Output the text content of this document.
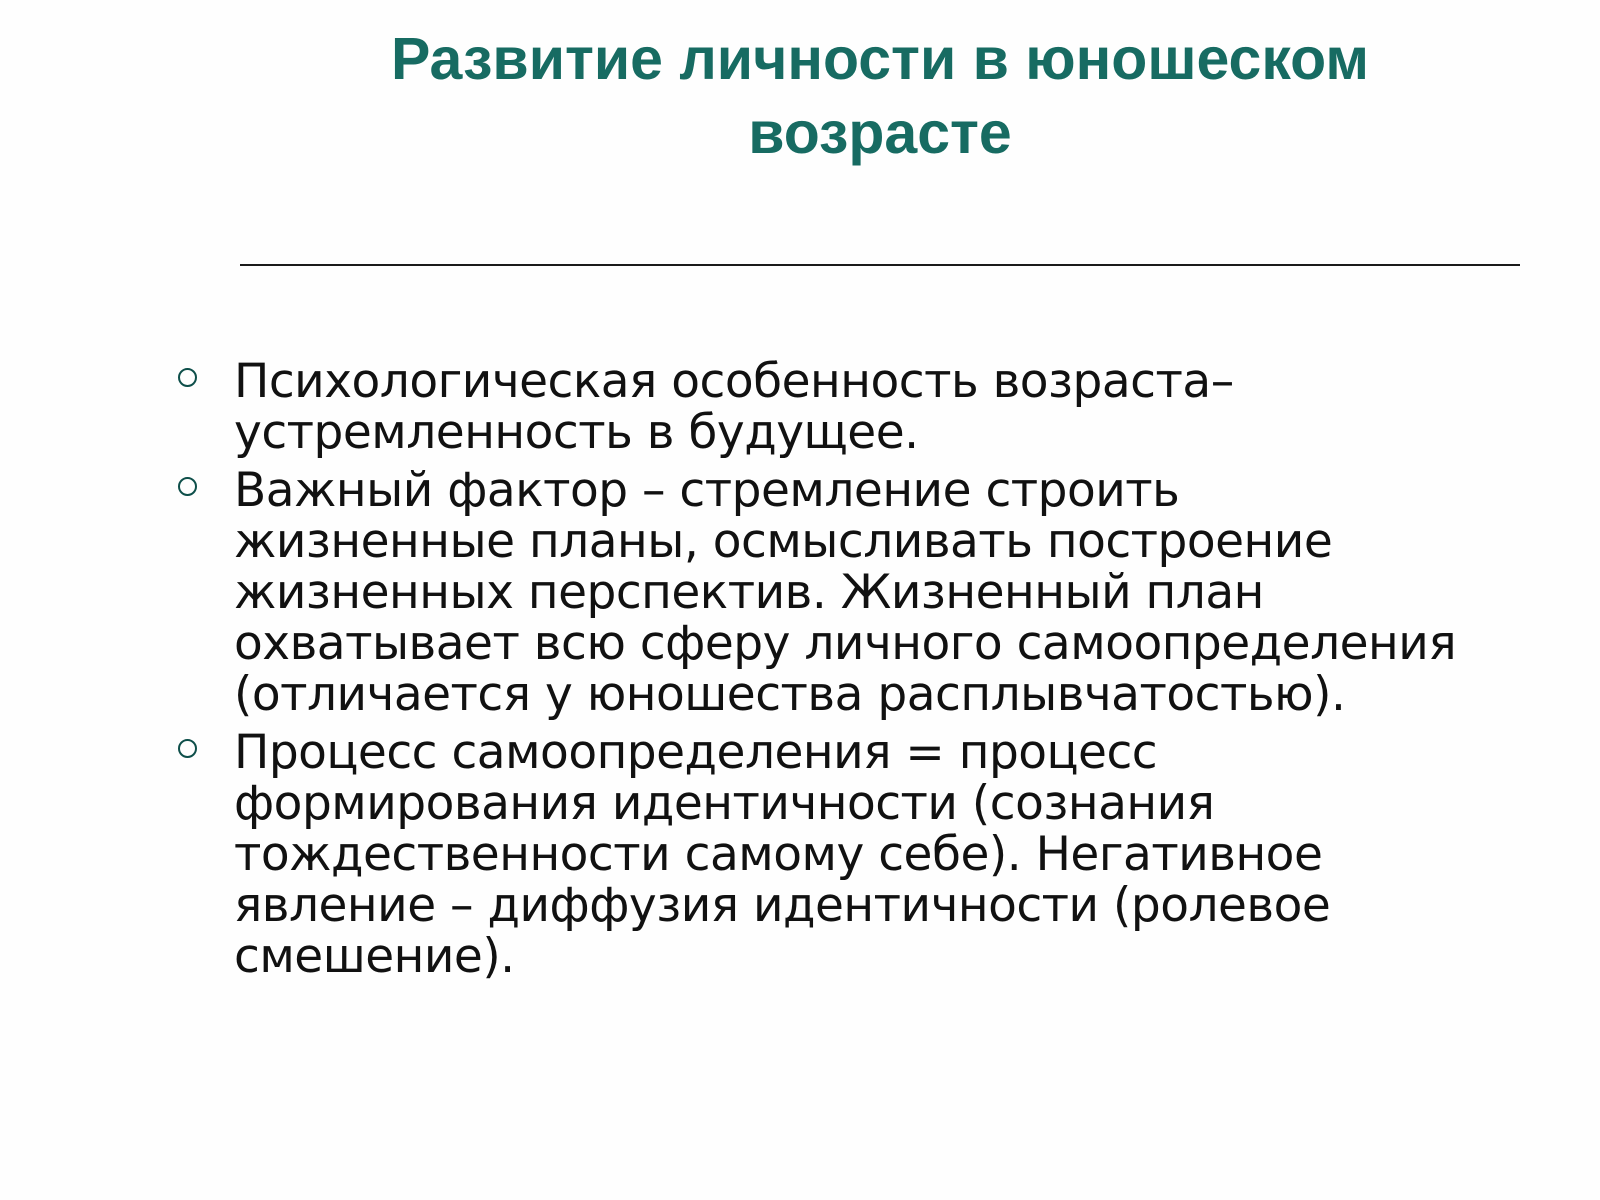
Развитие личности в юношеском возрасте
Психологическая особенность возраста– устремленность в будущее.
Важный фактор – стремление строить жизненные планы, осмысливать построение жизненных перспектив. Жизненный план охватывает всю сферу личного самоопределения (отличается у юношества расплывчатостью).
Процесс самоопределения = процесс формирования идентичности (сознания тождественности самому себе). Негативное явление – диффузия идентичности (ролевое смешение).
